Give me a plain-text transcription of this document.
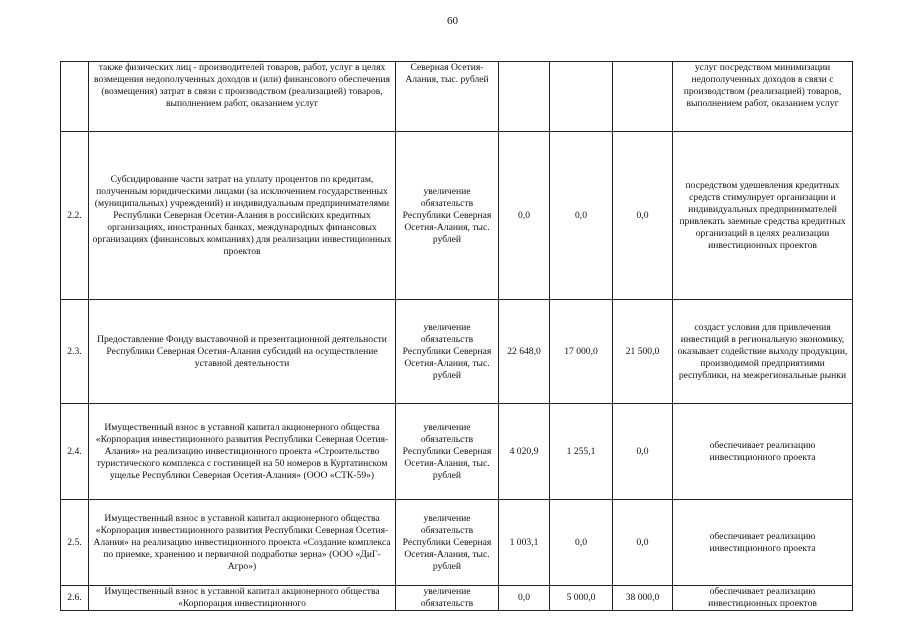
60
	также физических лиц - производителей товаров, работ, услуг в целях возмещения недополученных доходов и (или) финансового обеспечения (возмещения) затрат в связи с производством (реализацией) товаров, выполнением работ, оказанием услуг	Северная Осетия-Алания, тыс. рублей				услуг посредством минимизации недополученных доходов в связи с производством (реализацией) товаров, выполнением работ, оказанием услуг
2.2.	Субсидирование части затрат на уплату процентов по кредитам, полученным юридическими лицами (за исключением государственных (муниципальных) учреждений) и индивидуальным предпринимателями Республики Северная Осетия-Алания в российских кредитных организациях, иностранных банках, международных финансовых организациях (финансовых компаниях) для реализации инвестиционных проектов	увеличение обязательств Республики Северная Осетия-Алания, тыс. рублей	0,0	0,0	0,0	посредством удешевления кредитных средств стимулирует организации и индивидуальных предпринимателей привлекать заемные средства кредитных организаций в целях реализации инвестиционных проектов
2.3.	Предоставление Фонду выставочной и презентационной деятельности Республики Северная Осетия-Алания субсидий на осуществление уставной деятельности	увеличение обязательств Республики Северная Осетия-Алания, тыс. рублей	22 648,0	17 000,0	21 500,0	создаст условия для привлечения инвестиций в региональную экономику, оказывает содействие выходу продукции, производимой предприятиями республики, на межрегиональные рынки
2.4.	Имущественный взнос в уставной капитал акционерного общества «Корпорация инвестиционного развития Республики Северная Осетия-Алания» на реализацию инвестиционного проекта «Строительство туристического комплекса с гостиницей на 50 номеров в Куртатинском ущелье Республики Северная Осетия-Алания» (ООО «СТК-59»)	увеличение обязательств Республики Северная Осетия-Алания, тыс. рублей	4 020,9	1 255,1	0,0	обеспечивает реализацию инвестиционного проекта
2.5.	Имущественный взнос в уставной капитал акционерного общества «Корпорация инвестиционного развития Республики Северная Осетия-Алания» на реализацию инвестиционного проекта «Создание комплекса по приемке, хранению и первичной подработке зерна» (ООО «ДиГ-Агро»)	увеличение обязательств Республики Северная Осетия-Алания, тыс. рублей	1 003,1	0,0	0,0	обеспечивает реализацию инвестиционного проекта
2.6.	Имущественный взнос в уставной капитал акционерного общества «Корпорация инвестиционного	увеличение обязательств	0,0	5 000,0	38 000,0	обеспечивает реализацию инвестиционных проектов
